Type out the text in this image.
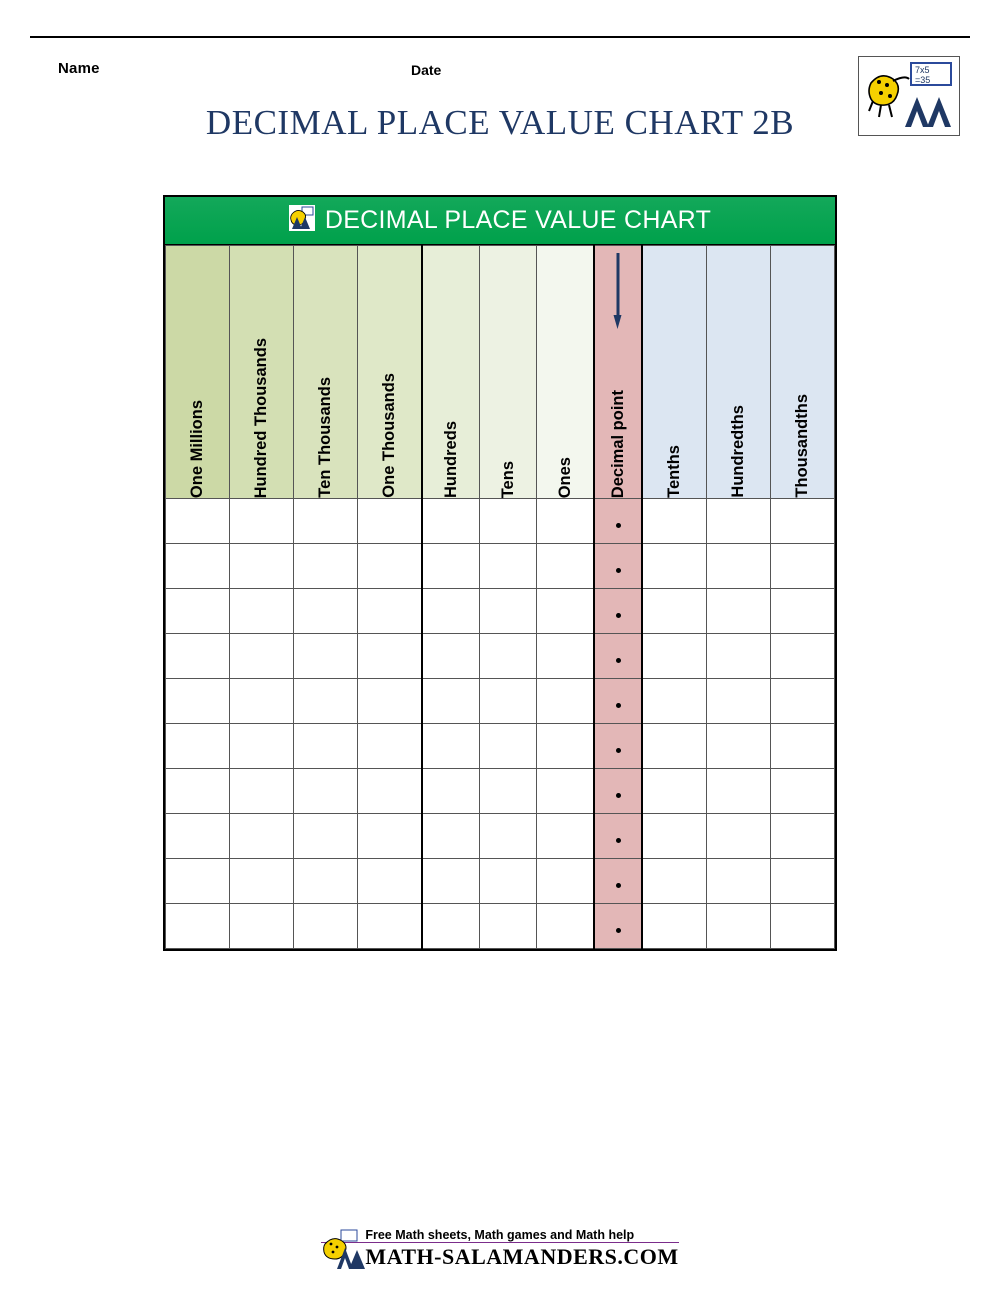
Name	Date
DECIMAL PLACE VALUE CHART 2B
7x5
=35
DECIMAL PLACE VALUE CHART
One Millions	Hundred Thousands	Ten Thousands	One Thousands	Hundreds	Tens	Ones	Decimal point	Tenths	Hundredths	Thousandths

Free Math sheets, Math games and Math help
MATH-SALAMANDERS.COM
